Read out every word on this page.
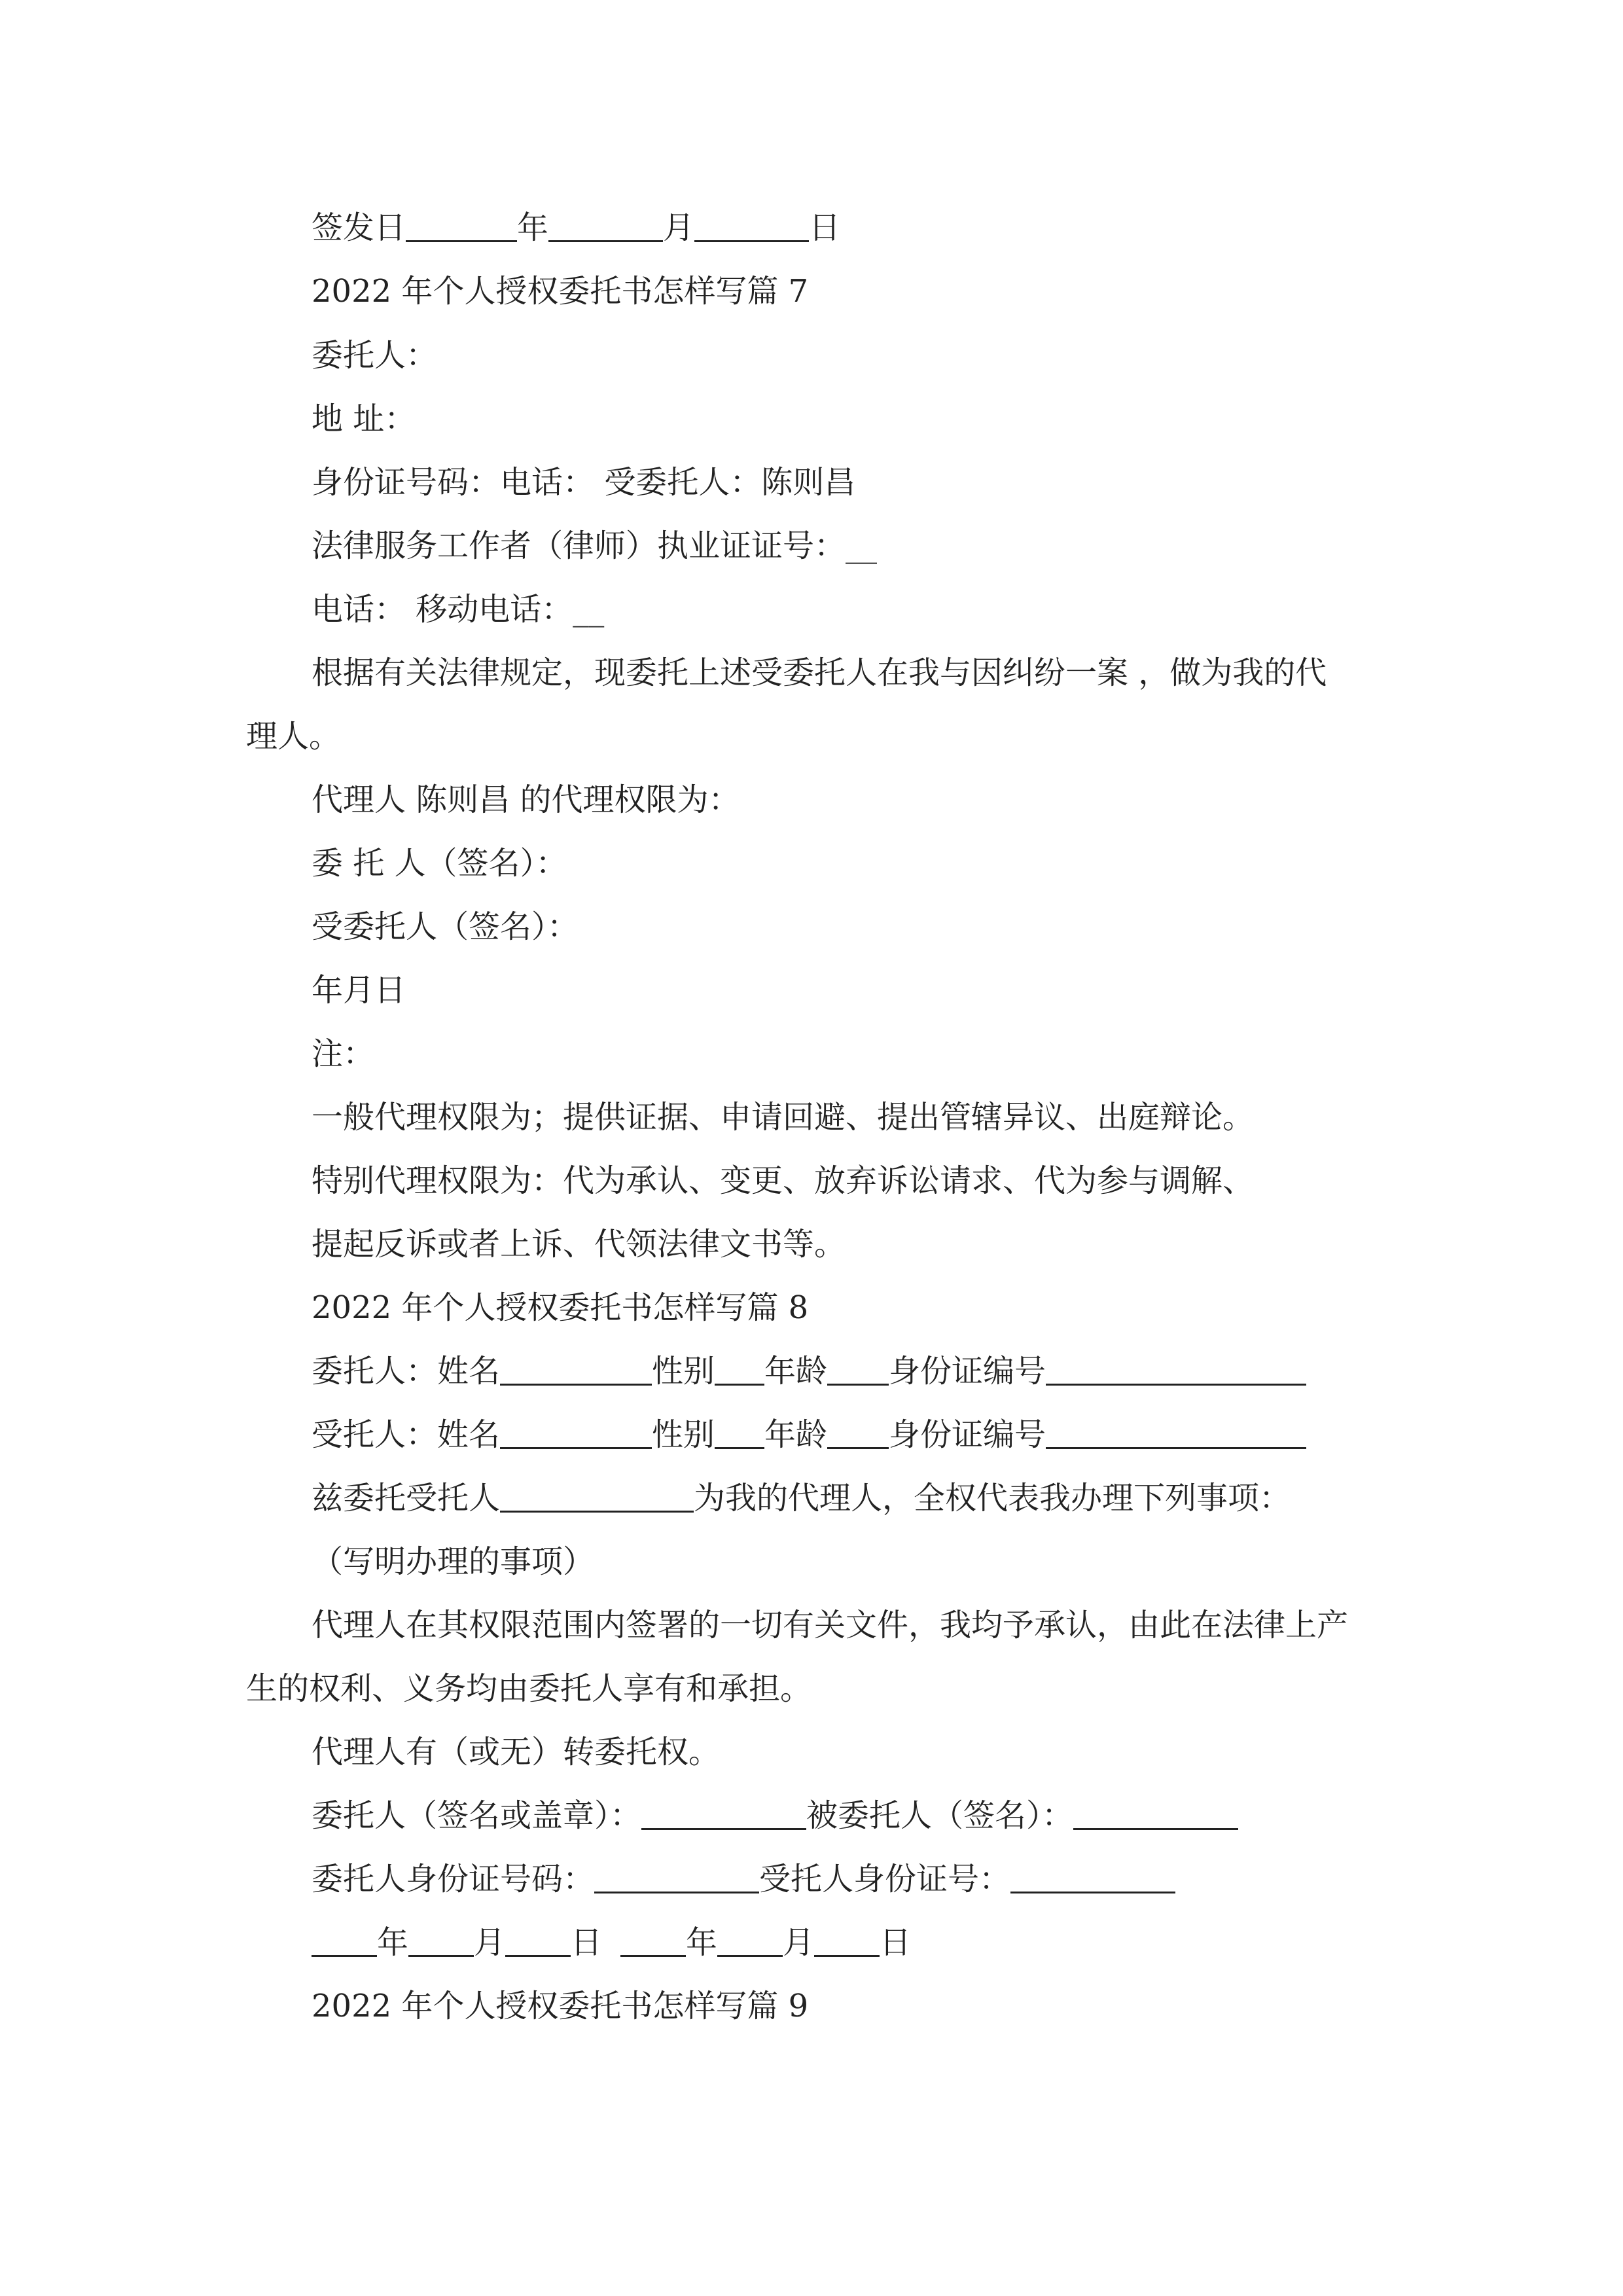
签发日	年	月	日
2022 年个人授权委托书怎样写篇 7
委托人：
地 址：
身份证号码：电话： 受委托人：陈则昌
法律服务工作者（律师）执业证证号：__
电话： 移动电话：__
根据有关法律规定，现委托上述受委托人在我与因纠纷一案 ，做为我的代
理人。
代理人 陈则昌 的代理权限为：
委 托 人（签名）：
受委托人（签名）：
年月日
注：
一般代理权限为；提供证据、申请回避、提出管辖异议、出庭辩论。
特别代理权限为：代为承认、变更、放弃诉讼请求、代为参与调解、
提起反诉或者上诉、代领法律文书等。
2022 年个人授权委托书怎样写篇 8
委托人：姓名	性别 年龄 身份证编号
受托人：姓名	性别 年龄 身份证编号
兹委托受托人	为我的代理人，全权代表我办理下列事项：
（写明办理的事项）
代理人在其权限范围内签署的一切有关文件，我均予承认，由此在法律上产
生的权利、义务均由委托人享有和承担。
代理人有（或无）转委托权。
委托人（签名或盖章）：	被委托人（签名）：
委托人身份证号码：	受托人身份证号：
年 月 日	年 月 日
2022 年个人授权委托书怎样写篇 9
